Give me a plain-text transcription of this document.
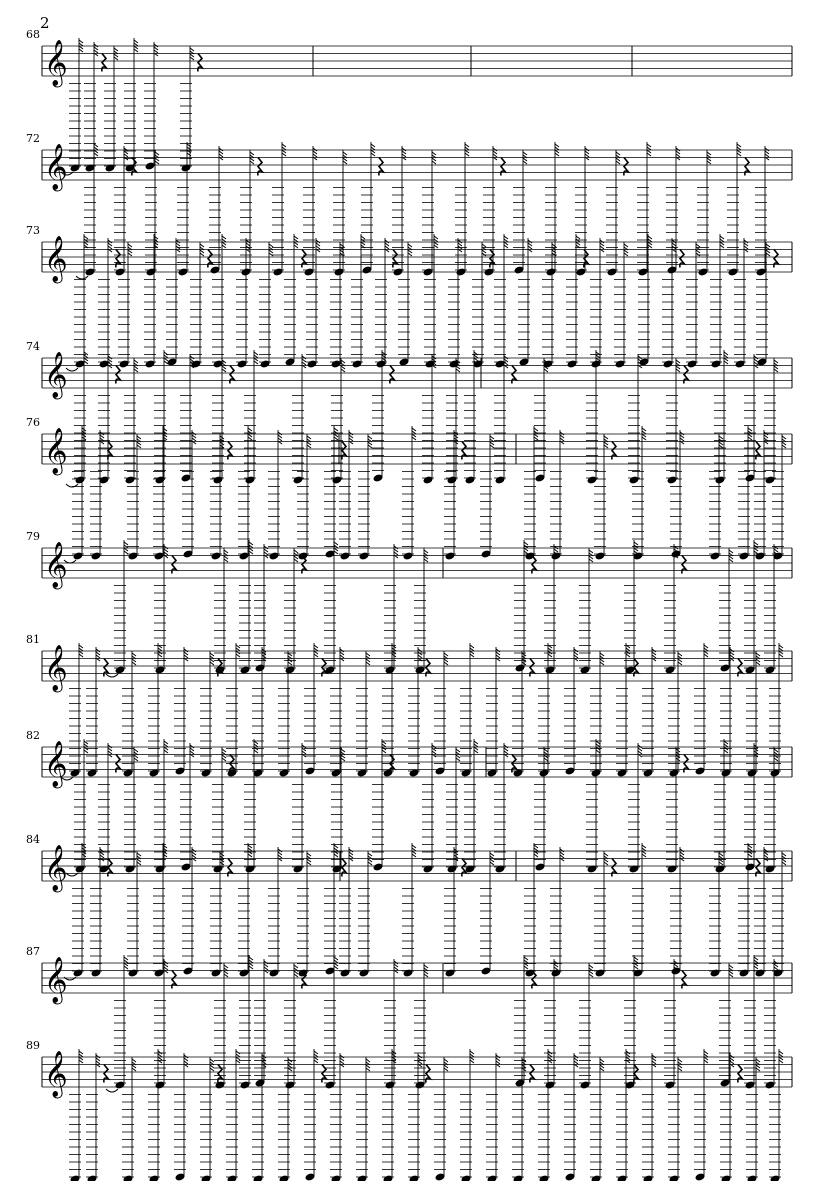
2
68
𝄞
72
𝄞
73
𝄞
74
𝄞
76
𝄞
79
𝄞
81
𝄞
82
𝄞
84
𝄞
87
𝄞
89
𝄞
